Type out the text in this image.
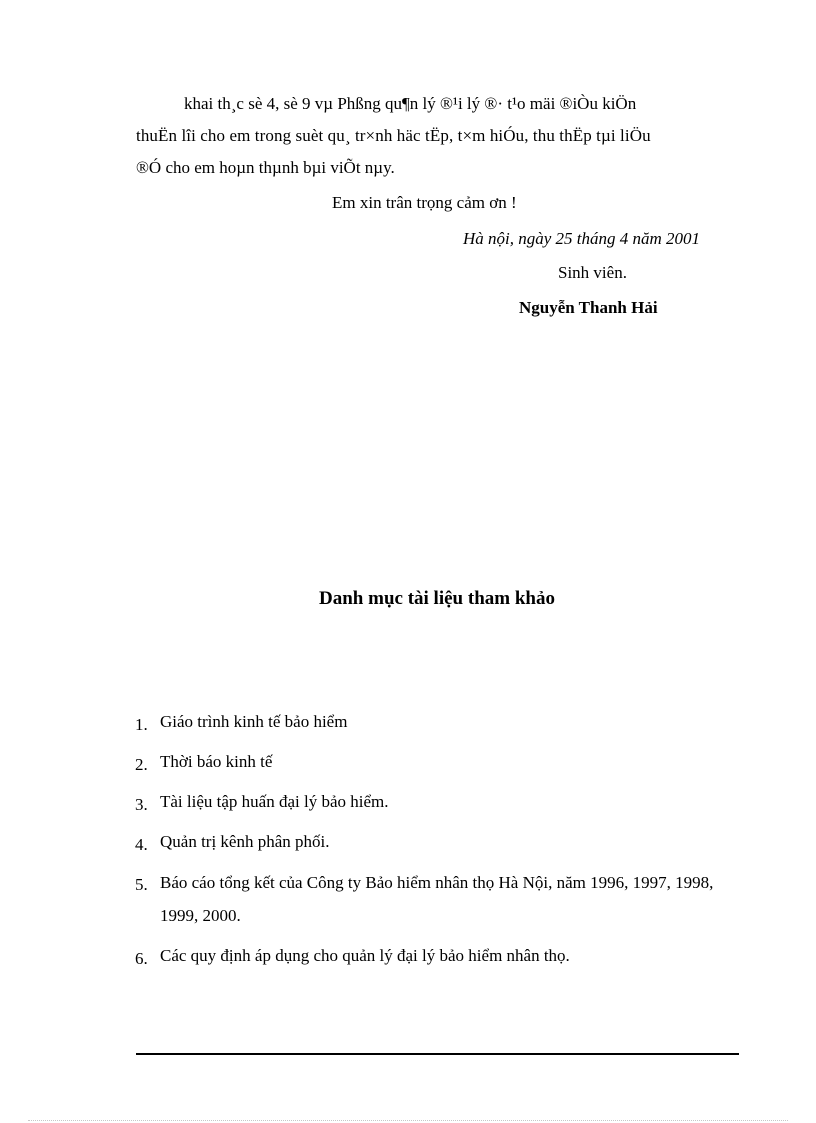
khai th¸c sè 4, sè 9 vµ Phßng qu¶n lý ®¹i lý ®· t¹o mäi ®iÒu kiÖn
thuËn lîi cho em trong suèt qu¸ tr×nh häc tËp, t×m hiÓu, thu thËp tµi liÖu
®Ó cho em hoµn thµnh bµi viÕt nµy.
Em xin trân trọng cảm ơn !
Hà nội, ngày 25 tháng 4 năm 2001
Sinh viên.
Nguyễn Thanh Hải
Danh mục tài liệu tham khảo
1. Giáo trình kinh tế bảo hiểm
2. Thời báo kinh tế
3. Tài liệu tập huấn đại lý bảo hiểm.
4. Quản trị kênh phân phối.
5. Báo cáo tổng kết của Công ty Bảo hiểm nhân thọ Hà Nội, năm 1996, 1997, 1998, 1999, 2000.
6. Các quy định áp dụng cho quản lý đại lý bảo hiểm nhân thọ.
